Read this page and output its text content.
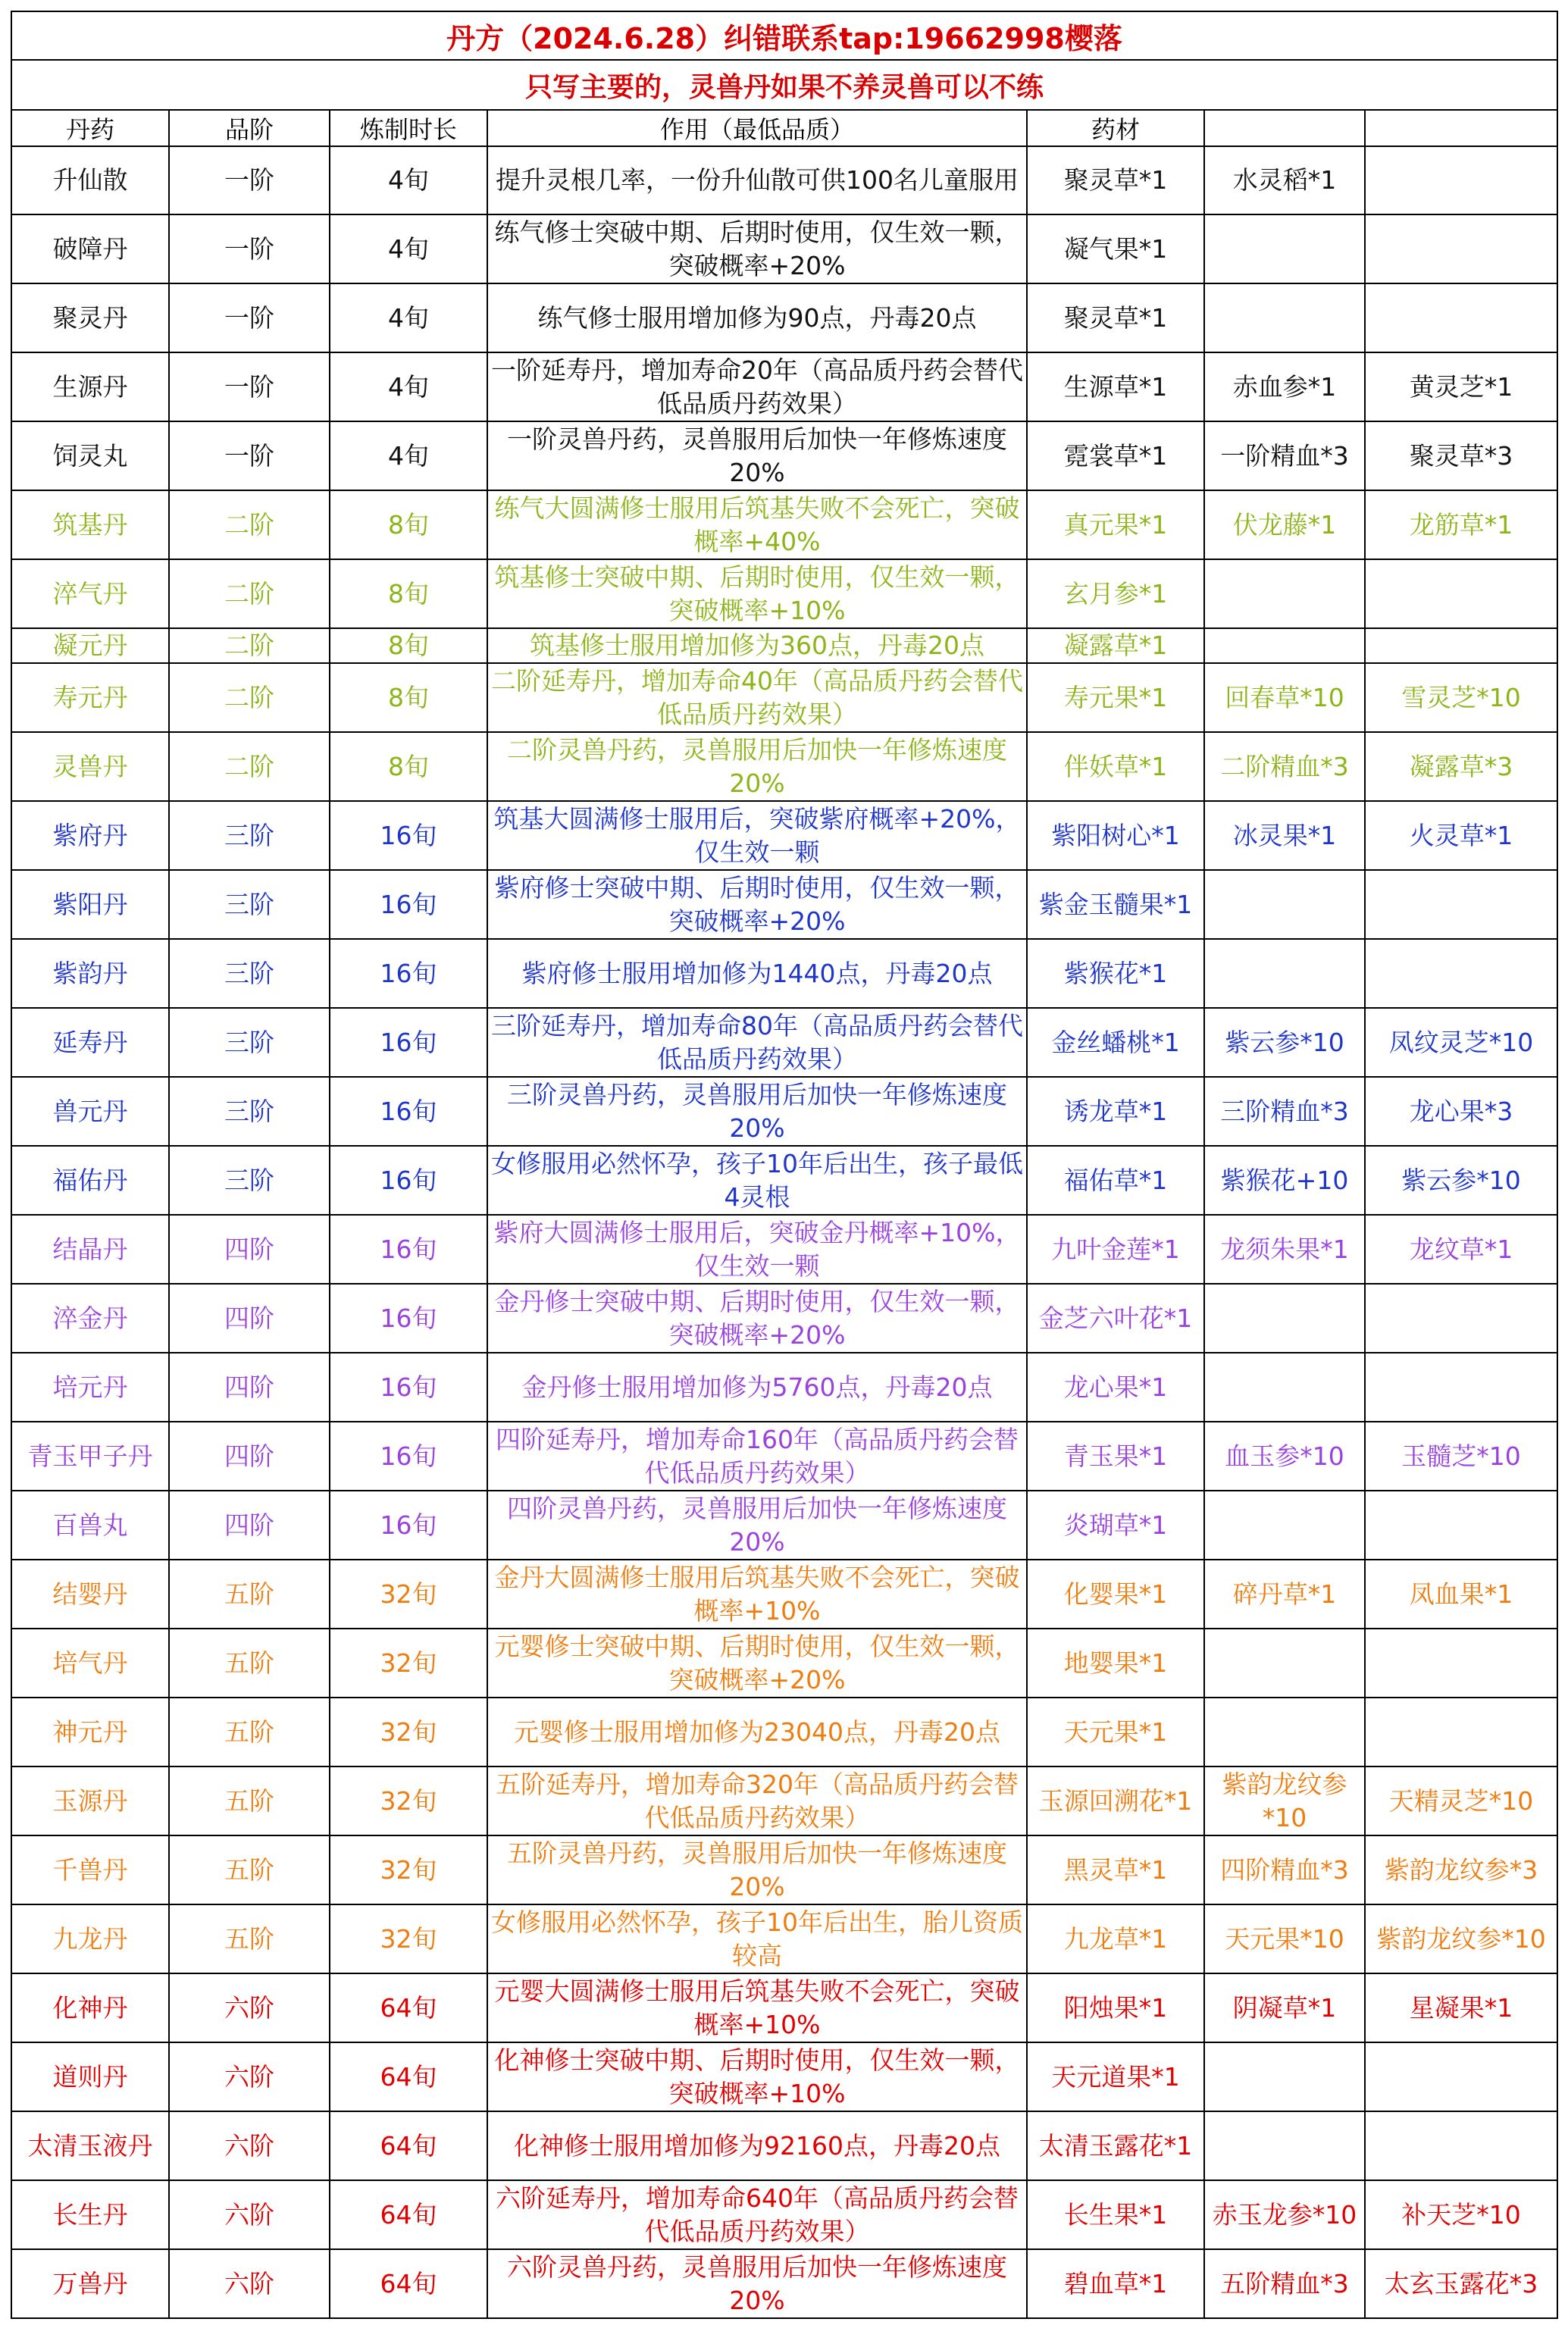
丹方（2024.6.28）纠错联系tap:19662998樱落						
只写主要的，灵兽丹如果不养灵兽可以不练						
丹药	品阶	炼制时长	作用（最低品质）	药材		
升仙散	一阶	4旬	提升灵根几率，一份升仙散可供100名儿童服用	聚灵草*1	水灵稻*1	
破障丹	一阶	4旬	练气修士突破中期、后期时使用，仅生效一颗，突破概率+20%	凝气果*1		
聚灵丹	一阶	4旬	练气修士服用增加修为90点，丹毒20点	聚灵草*1		
生源丹	一阶	4旬	一阶延寿丹，增加寿命20年（高品质丹药会替代低品质丹药效果）	生源草*1	赤血参*1	黄灵芝*1
饲灵丸	一阶	4旬	一阶灵兽丹药，灵兽服用后加快一年修炼速度20%	霓裳草*1	一阶精血*3	聚灵草*3
筑基丹	二阶	8旬	练气大圆满修士服用后筑基失败不会死亡，突破概率+40%	真元果*1	伏龙藤*1	龙筋草*1
淬气丹	二阶	8旬	筑基修士突破中期、后期时使用，仅生效一颗，突破概率+10%	玄月参*1		
凝元丹	二阶	8旬	筑基修士服用增加修为360点，丹毒20点	凝露草*1		
寿元丹	二阶	8旬	二阶延寿丹，增加寿命40年（高品质丹药会替代低品质丹药效果）	寿元果*1	回春草*10	雪灵芝*10
灵兽丹	二阶	8旬	二阶灵兽丹药，灵兽服用后加快一年修炼速度20%	伴妖草*1	二阶精血*3	凝露草*3
紫府丹	三阶	16旬	筑基大圆满修士服用后，突破紫府概率+20%，仅生效一颗	紫阳树心*1	冰灵果*1	火灵草*1
紫阳丹	三阶	16旬	紫府修士突破中期、后期时使用，仅生效一颗，突破概率+20%	紫金玉髓果*1		
紫韵丹	三阶	16旬	紫府修士服用增加修为1440点，丹毒20点	紫猴花*1		
延寿丹	三阶	16旬	三阶延寿丹，增加寿命80年（高品质丹药会替代低品质丹药效果）	金丝蟠桃*1	紫云参*10	凤纹灵芝*10
兽元丹	三阶	16旬	三阶灵兽丹药，灵兽服用后加快一年修炼速度20%	诱龙草*1	三阶精血*3	龙心果*3
福佑丹	三阶	16旬	女修服用必然怀孕，孩子10年后出生，孩子最低4灵根	福佑草*1	紫猴花+10	紫云参*10
结晶丹	四阶	16旬	紫府大圆满修士服用后，突破金丹概率+10%，仅生效一颗	九叶金莲*1	龙须朱果*1	龙纹草*1
淬金丹	四阶	16旬	金丹修士突破中期、后期时使用，仅生效一颗，突破概率+20%	金芝六叶花*1		
培元丹	四阶	16旬	金丹修士服用增加修为5760点，丹毒20点	龙心果*1		
青玉甲子丹	四阶	16旬	四阶延寿丹，增加寿命160年（高品质丹药会替代低品质丹药效果）	青玉果*1	血玉参*10	玉髓芝*10
百兽丸	四阶	16旬	四阶灵兽丹药，灵兽服用后加快一年修炼速度20%	炎瑚草*1		
结婴丹	五阶	32旬	金丹大圆满修士服用后筑基失败不会死亡，突破概率+10%	化婴果*1	碎丹草*1	凤血果*1
培气丹	五阶	32旬	元婴修士突破中期、后期时使用，仅生效一颗，突破概率+20%	地婴果*1		
神元丹	五阶	32旬	元婴修士服用增加修为23040点，丹毒20点	天元果*1		
玉源丹	五阶	32旬	五阶延寿丹，增加寿命320年（高品质丹药会替代低品质丹药效果）	玉源回溯花*1	紫韵龙纹参*10	天精灵芝*10
千兽丹	五阶	32旬	五阶灵兽丹药，灵兽服用后加快一年修炼速度20%	黑灵草*1	四阶精血*3	紫韵龙纹参*3
九龙丹	五阶	32旬	女修服用必然怀孕，孩子10年后出生，胎儿资质较高	九龙草*1	天元果*10	紫韵龙纹参*10
化神丹	六阶	64旬	元婴大圆满修士服用后筑基失败不会死亡，突破概率+10%	阳烛果*1	阴凝草*1	星凝果*1
道则丹	六阶	64旬	化神修士突破中期、后期时使用，仅生效一颗，突破概率+10%	天元道果*1		
太清玉液丹	六阶	64旬	化神修士服用增加修为92160点，丹毒20点	太清玉露花*1		
长生丹	六阶	64旬	六阶延寿丹，增加寿命640年（高品质丹药会替代低品质丹药效果）	长生果*1	赤玉龙参*10	补天芝*10
万兽丹	六阶	64旬	六阶灵兽丹药，灵兽服用后加快一年修炼速度20%	碧血草*1	五阶精血*3	太玄玉露花*3
